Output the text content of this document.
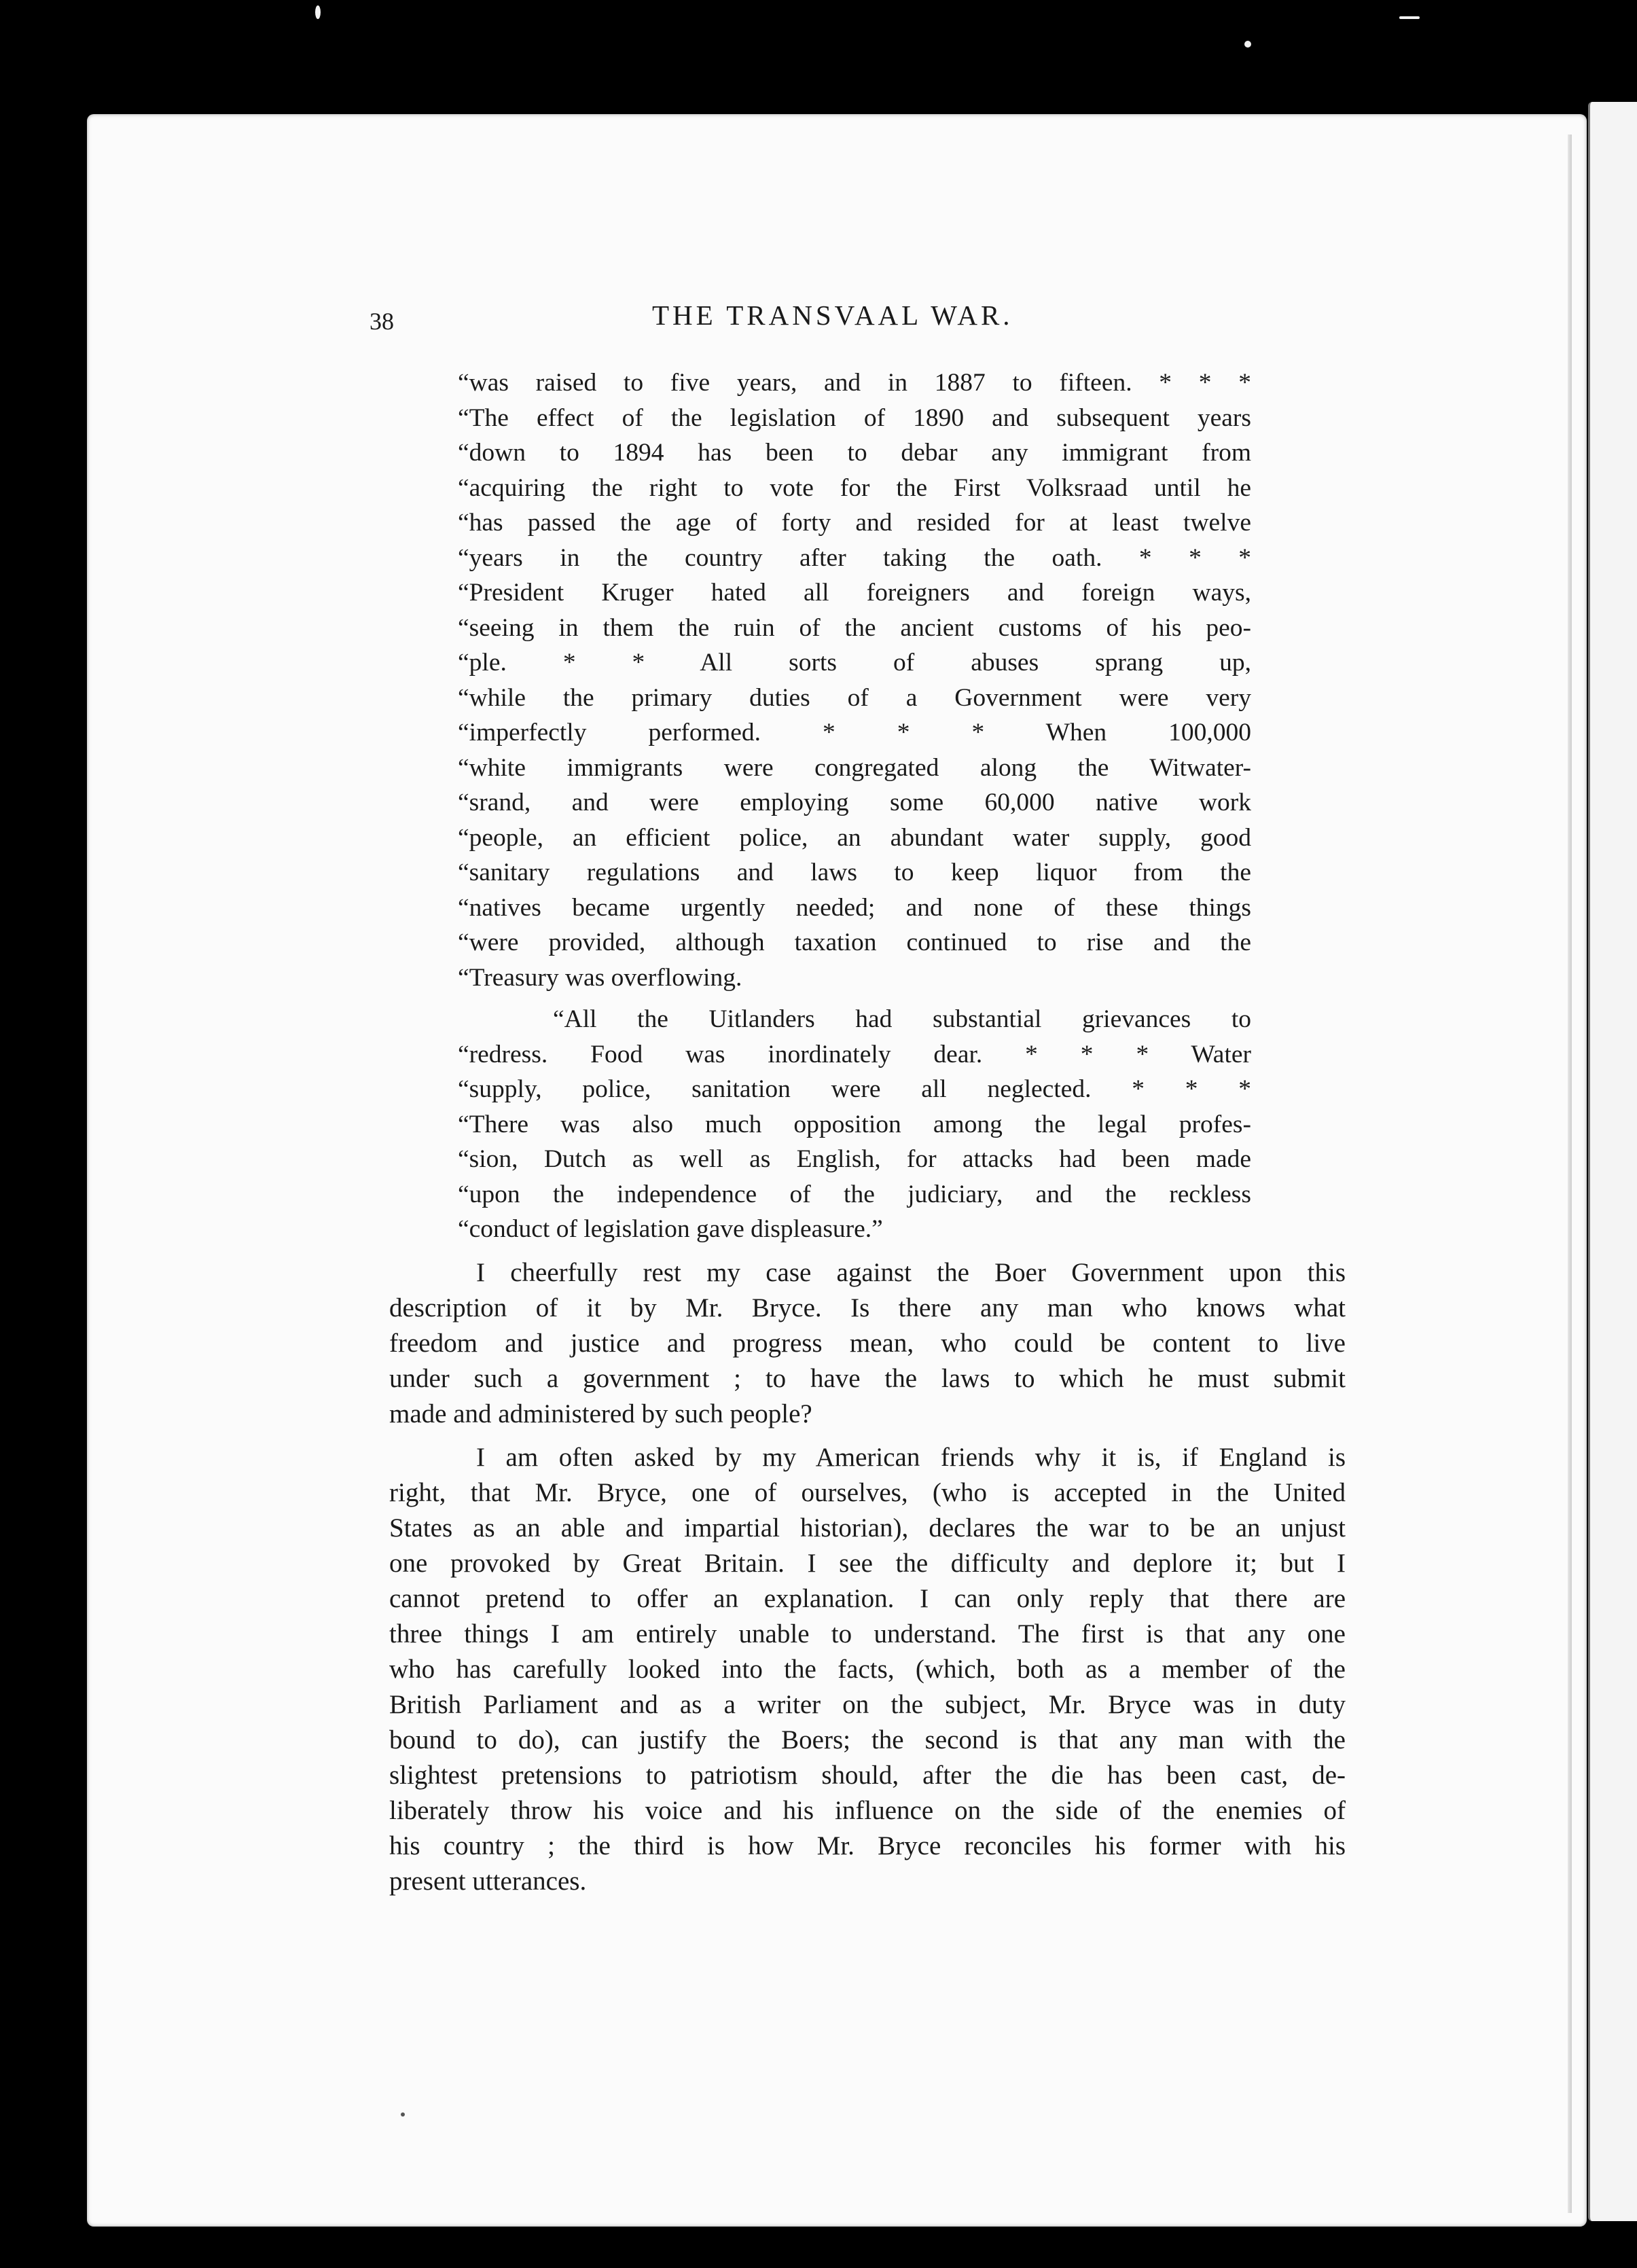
38	THE TRANSVAAL WAR.
“was raised to five years, and in 1887 to fifteen. * * *
“The effect of the legislation of 1890 and subsequent years
“down to 1894 has been to debar any immigrant from
“acquiring the right to vote for the First Volksraad until he
“has passed the age of forty and resided for at least twelve
“years in the country after taking the oath. * * *
“President Kruger hated all foreigners and foreign ways,
“seeing in them the ruin of the ancient customs of his peo-
“ple. * * All sorts of abuses sprang up,
“while the primary duties of a Government were very
“imperfectly performed. * * * When 100,000
“white immigrants were congregated along the Witwater-
“srand, and were employing some 60,000 native work
“people, an efficient police, an abundant water supply, good
“sanitary regulations and laws to keep liquor from the
“natives became urgently needed; and none of these things
“were provided, although taxation continued to rise and the
“Treasury was overflowing.
“All the Uitlanders had substantial grievances to
“redress. Food was inordinately dear. * * * Water
“supply, police, sanitation were all neglected. * * *
“There was also much opposition among the legal profes-
“sion, Dutch as well as English, for attacks had been made
“upon the independence of the judiciary, and the reckless
“conduct of legislation gave displeasure.”
I cheerfully rest my case against the Boer Government upon this
description of it by Mr. Bryce. Is there any man who knows what
freedom and justice and progress mean, who could be content to live
under such a government ; to have the laws to which he must submit
made and administered by such people?
I am often asked by my American friends why it is, if England is
right, that Mr. Bryce, one of ourselves, (who is accepted in the United
States as an able and impartial historian), declares the war to be an unjust
one provoked by Great Britain. I see the difficulty and deplore it; but I
cannot pretend to offer an explanation. I can only reply that there are
three things I am entirely unable to understand. The first is that any one
who has carefully looked into the facts, (which, both as a member of the
British Parliament and as a writer on the subject, Mr. Bryce was in duty
bound to do), can justify the Boers; the second is that any man with the
slightest pretensions to patriotism should, after the die has been cast, de-
liberately throw his voice and his influence on the side of the enemies of
his country ; the third is how Mr. Bryce reconciles his former with his
present utterances.
